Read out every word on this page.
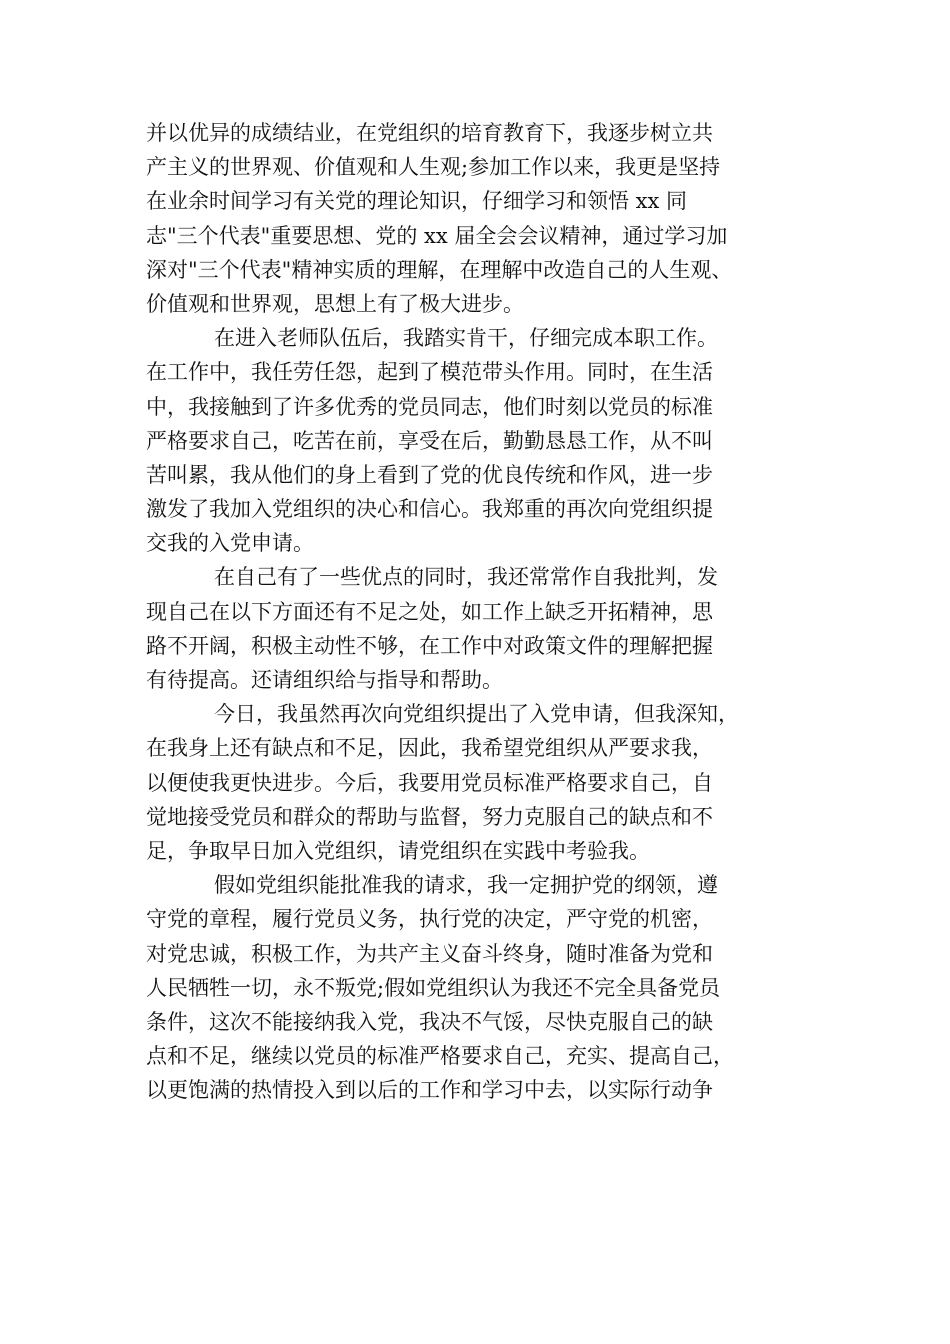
并以优异的成绩结业，在党组织的培育教育下，我逐步树立共
产主义的世界观、价值观和人生观;参加工作以来，我更是坚持
在业余时间学习有关党的理论知识，仔细学习和领悟 xx 同
志"三个代表"重要思想、党的 xx 届全会会议精神，通过学习加
深对"三个代表"精神实质的理解，在理解中改造自己的人生观、
价值观和世界观，思想上有了极大进步。
在进入老师队伍后，我踏实肯干，仔细完成本职工作。
在工作中，我任劳任怨，起到了模范带头作用。同时，在生活
中，我接触到了许多优秀的党员同志，他们时刻以党员的标准
严格要求自己，吃苦在前，享受在后，勤勤恳恳工作，从不叫
苦叫累，我从他们的身上看到了党的优良传统和作风，进一步
激发了我加入党组织的决心和信心。我郑重的再次向党组织提
交我的入党申请。
在自己有了一些优点的同时，我还常常作自我批判，发
现自己在以下方面还有不足之处，如工作上缺乏开拓精神，思
路不开阔，积极主动性不够，在工作中对政策文件的理解把握
有待提高。还请组织给与指导和帮助。
今日，我虽然再次向党组织提出了入党申请，但我深知，
在我身上还有缺点和不足，因此，我希望党组织从严要求我，
以便使我更快进步。今后，我要用党员标准严格要求自己，自
觉地接受党员和群众的帮助与监督，努力克服自己的缺点和不
足，争取早日加入党组织，请党组织在实践中考验我。
假如党组织能批准我的请求，我一定拥护党的纲领，遵
守党的章程，履行党员义务，执行党的决定，严守党的机密，
对党忠诚，积极工作，为共产主义奋斗终身，随时准备为党和
人民牺牲一切，永不叛党;假如党组织认为我还不完全具备党员
条件，这次不能接纳我入党，我决不气馁，尽快克服自己的缺
点和不足，继续以党员的标准严格要求自己，充实、提高自己，
以更饱满的热情投入到以后的工作和学习中去，以实际行动争
